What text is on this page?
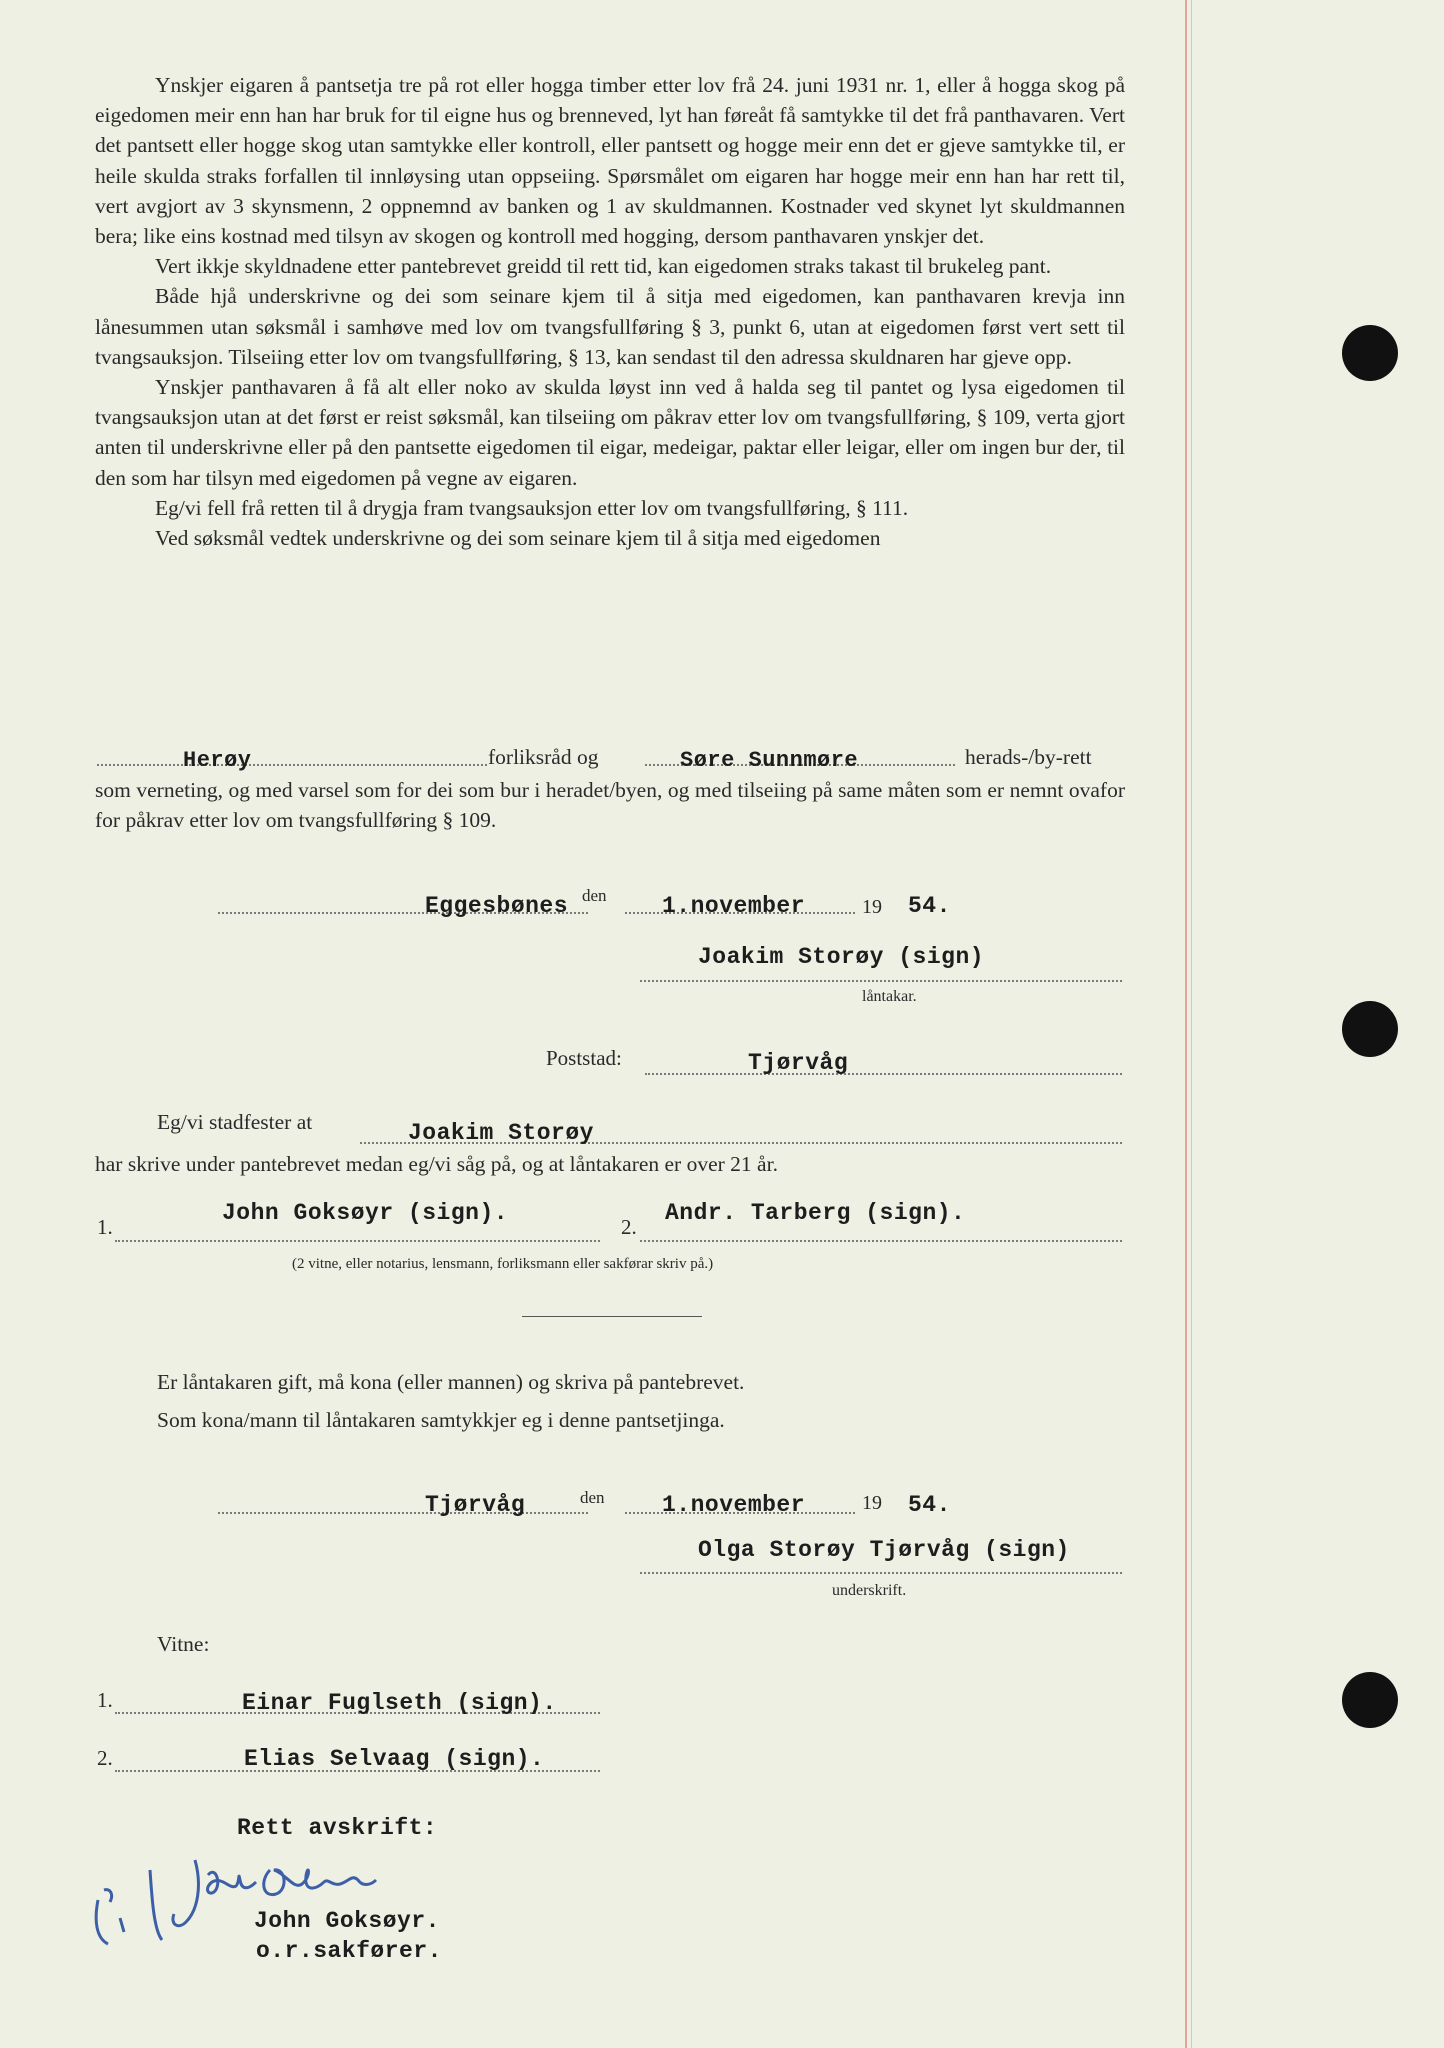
Ynskjer eigaren å pantsetja tre på rot eller hogga timber etter lov frå 24. juni 1931 nr. 1, eller å hogga skog på eigedomen meir enn han har bruk for til eigne hus og brenneved, lyt han føreåt få samtykke til det frå panthavaren. Vert det pantsett eller hogge skog utan samtykke eller kontroll, eller pantsett og hogge meir enn det er gjeve samtykke til, er heile skulda straks forfallen til innløysing utan oppseiing. Spørsmålet om eigaren har hogge meir enn han har rett til, vert avgjort av 3 skynsmenn, 2 oppnemnd av banken og 1 av skuldmannen. Kostnader ved skynet lyt skuldmannen bera; like eins kostnad med tilsyn av skogen og kontroll med hogging, dersom panthavaren ynskjer det.

Vert ikkje skyldnadene etter pantebrevet greidd til rett tid, kan eigedomen straks takast til brukeleg pant.

Både hjå underskrivne og dei som seinare kjem til å sitja med eigedomen, kan panthavaren krevja inn lånesummen utan søksmål i samhøve med lov om tvangsfullføring § 3, punkt 6, utan at eigedomen først vert sett til tvangsauksjon. Tilseiing etter lov om tvangsfullføring, § 13, kan sendast til den adressa skuldnaren har gjeve opp.

Ynskjer panthavaren å få alt eller noko av skulda løyst inn ved å halda seg til pantet og lysa eigedomen til tvangsauksjon utan at det først er reist søksmål, kan tilseiing om påkrav etter lov om tvangsfullføring, § 109, verta gjort anten til underskrivne eller på den pantsette eigedomen til eigar, medeigar, paktar eller leigar, eller om ingen bur der, til den som har tilsyn med eigedomen på vegne av eigaren.

Eg/vi fell frå retten til å drygja fram tvangsauksjon etter lov om tvangsfullføring, § 111.

Ved søksmål vedtek underskrivne og dei som seinare kjem til å sitja med eigedomen

Herøy	forliksråd og	Søre Sunnmøre	herads-/by-rett

som verneting, og med varsel som for dei som bur i heradet/byen, og med tilseiing på same måten som er nemnt ovafor for påkrav etter lov om tvangsfullføring § 109.

Eggesbønes den 1.november	19 54.
Joakim Storøy (sign)
låntakar.
Poststad:	Tjørvåg
Eg/vi stadfester at	Joakim Storøy
har skrive under pantebrevet medan eg/vi såg på, og at låntakaren er over 21 år.
1.
John Goksøyr (sign).
2.
Andr. Tarberg (sign).
(2 vitne, eller notarius, lensmann, forliksmann eller sakførar skriv på.)
Er låntakaren gift, må kona (eller mannen) og skriva på pantebrevet.
Som kona/mann til låntakaren samtykkjer eg i denne pantsetjinga.
Tjørvåg	den 1.november	19 54.
Olga Storøy Tjørvåg (sign)
underskrift.
Vitne:
1.	Einar Fuglseth (sign).
2.	Elias Selvaag (sign).
Rett avskrift:
John Oddsøn
Af.
John Goksøyr.
o.r.sakfører.
